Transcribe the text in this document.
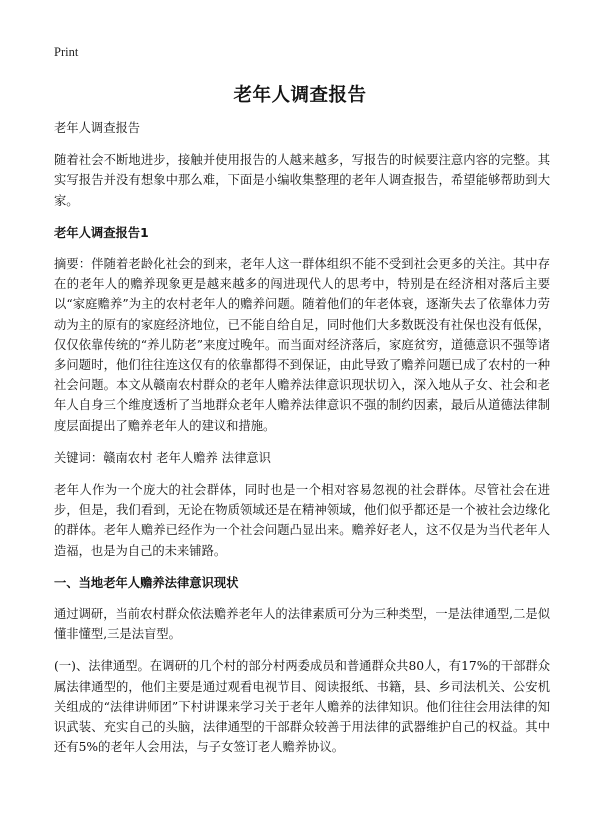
Print
老年人调查报告

老年人调查报告

随着社会不断地进步，接触并使用报告的人越来越多，写报告的时候要注意内容的完整。其实写报告并没有想象中那么难，下面是小编收集整理的老年人调查报告，希望能够帮助到大家。

老年人调查报告1

摘要：伴随着老龄化社会的到来，老年人这一群体组织不能不受到社会更多的关注。其中存在的老年人的赡养现象更是越来越多的闯进现代人的思考中，特别是在经济相对落后主要以“家庭赡养”为主的农村老年人的赡养问题。随着他们的年老体衰，逐渐失去了依靠体力劳动为主的原有的家庭经济地位，已不能自给自足，同时他们大多数既没有社保也没有低保，仅仅依靠传统的“养儿防老”来度过晚年。而当面对经济落后，家庭贫穷，道德意识不强等诸多问题时，他们往往连这仅有的依靠都得不到保证，由此导致了赡养问题已成了农村的一种社会问题。本文从赣南农村群众的老年人赡养法律意识现状切入，深入地从子女、社会和老年人自身三个维度透析了当地群众老年人赡养法律意识不强的制约因素，最后从道德法律制度层面提出了赡养老年人的建议和措施。

关键词：赣南农村 老年人赡养 法律意识

老年人作为一个庞大的社会群体，同时也是一个相对容易忽视的社会群体。尽管社会在进步，但是，我们看到，无论在物质领域还是在精神领域，他们似乎都还是一个被社会边缘化的群体。老年人赡养已经作为一个社会问题凸显出来。赡养好老人，这不仅是为当代老年人造福，也是为自己的未来铺路。

一、当地老年人赡养法律意识现状

通过调研，当前农村群众依法赡养老年人的法律素质可分为三种类型，一是法律通型,二是似懂非懂型,三是法盲型。

(一)、法律通型。在调研的几个村的部分村两委成员和普通群众共80人，有17%的干部群众属法律通型的，他们主要是通过观看电视节目、阅读报纸、书籍，县、乡司法机关、公安机关组成的“法律讲师团”下村讲课来学习关于老年人赡养的法律知识。他们往往会用法律的知识武装、充实自己的头脑，法律通型的干部群众较善于用法律的武器维护自己的权益。其中还有5%的老年人会用法，与子女签订老人赡养协议。
